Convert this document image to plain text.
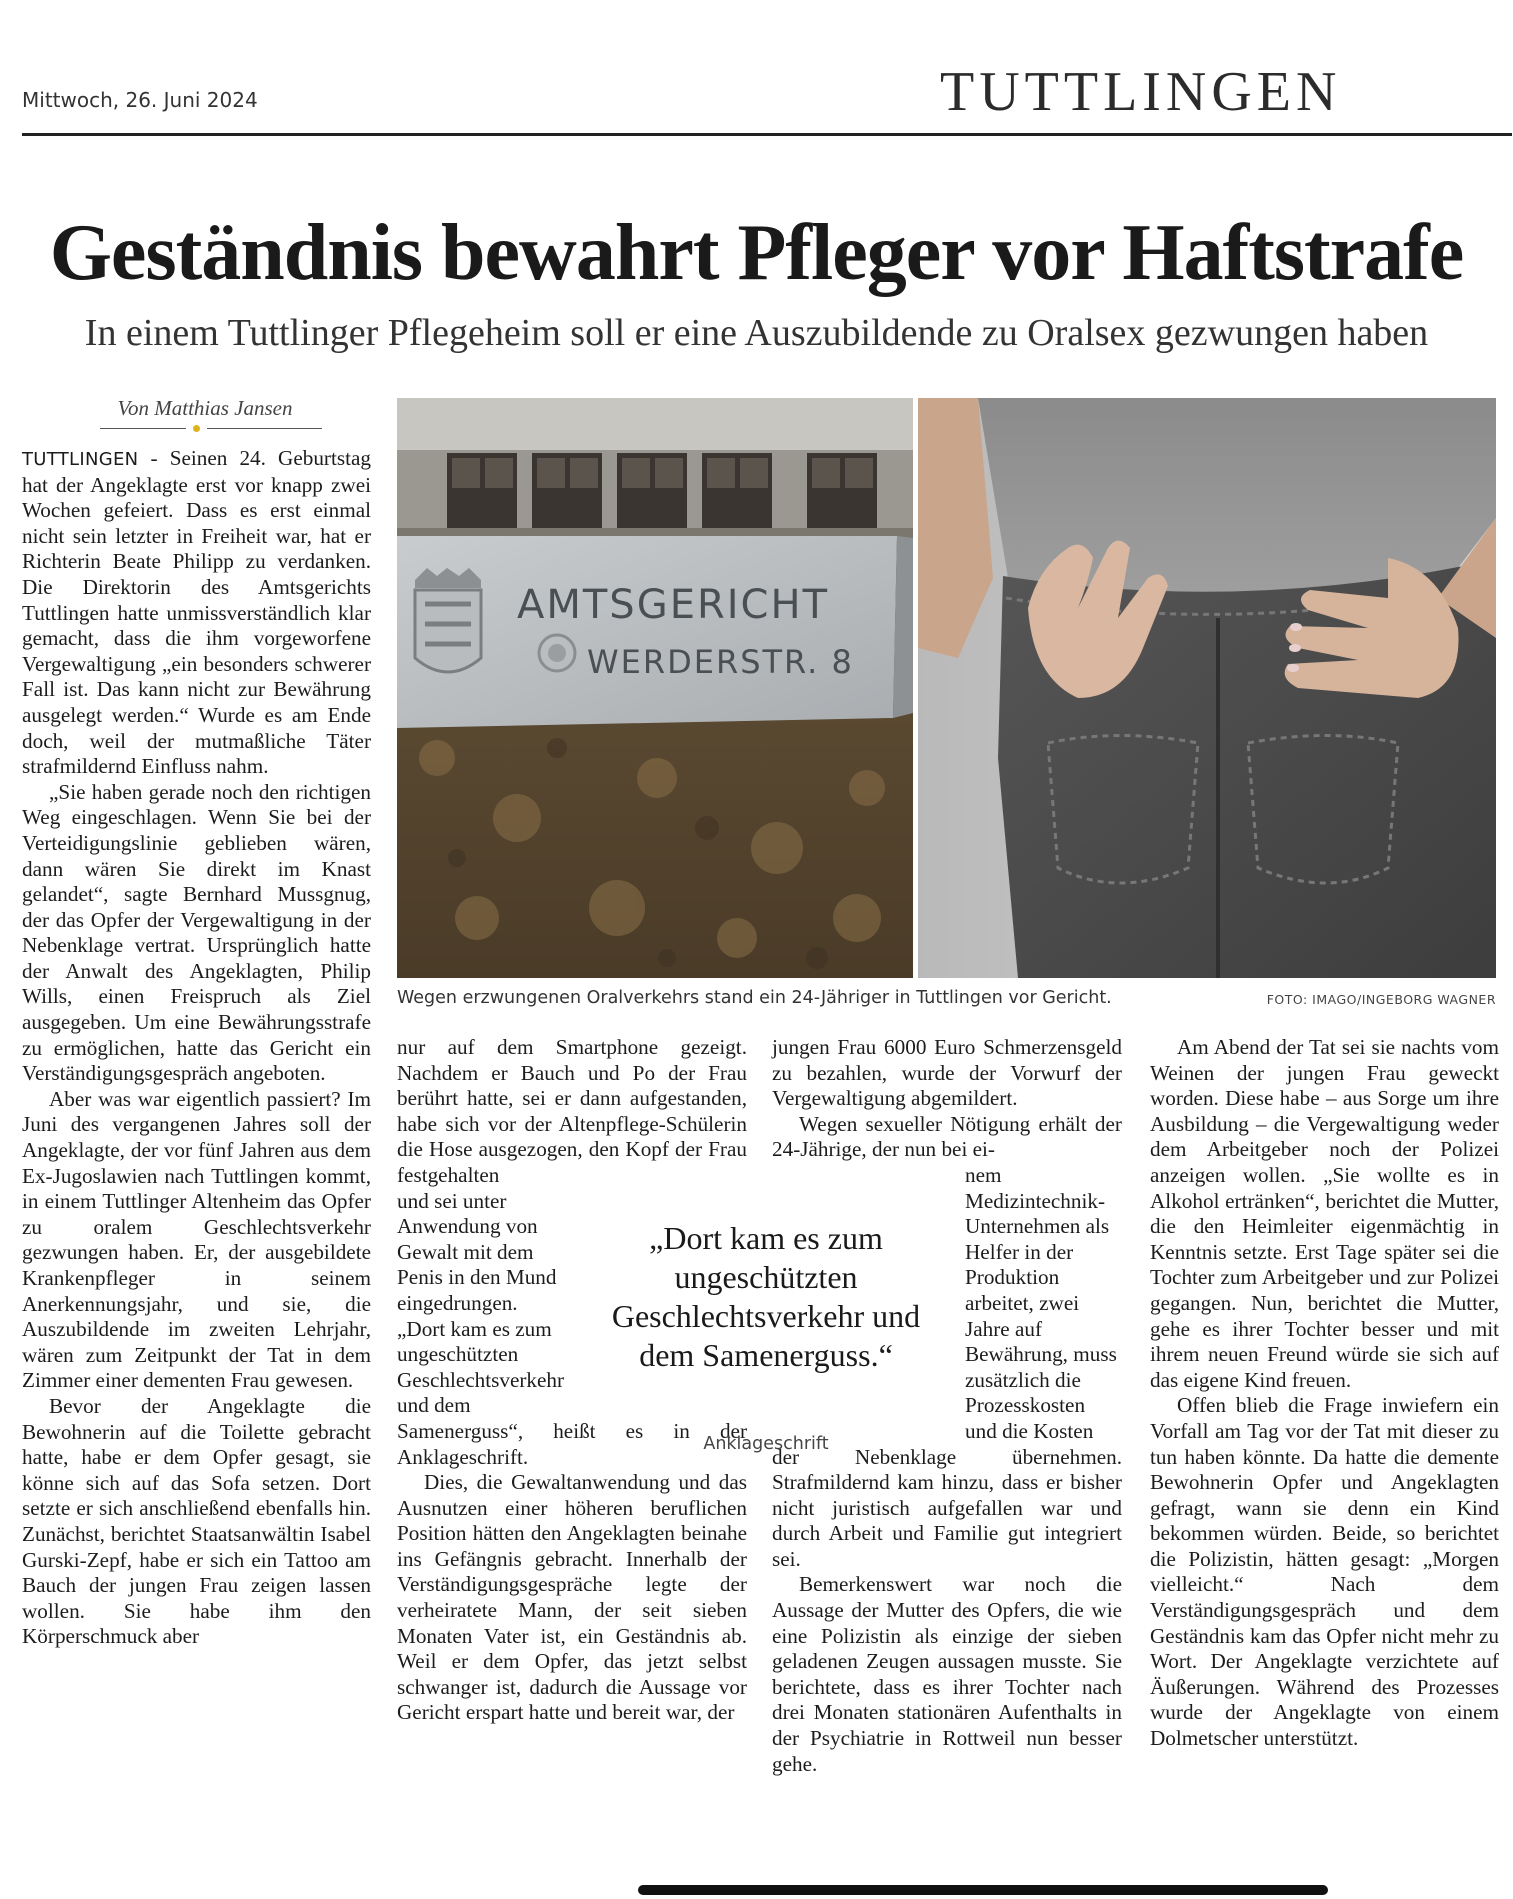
Mittwoch, 26. Juni 2024	TUTTLINGEN
Geständnis bewahrt Pfleger vor Haftstrafe
In einem Tuttlinger Pflegeheim soll er eine Auszubildende zu Oralsex gezwungen haben
Von Matthias Jansen

TUTTLINGEN - Seinen 24. Geburtstag hat der Angeklagte erst vor knapp zwei Wochen gefeiert. Dass es erst einmal nicht sein letzter in Freiheit war, hat er Richterin Beate Philipp zu verdanken. Die Direktorin des Amtsgerichts Tuttlingen hatte unmissverständlich klar gemacht, dass die ihm vorgeworfene Vergewaltigung „ein besonders schwerer Fall ist. Das kann nicht zur Bewährung ausgelegt werden.“ Wurde es am Ende doch, weil der mutmaßliche Täter strafmildernd Einfluss nahm.

„Sie haben gerade noch den richtigen Weg eingeschlagen. Wenn Sie bei der Verteidigungslinie geblieben wären, dann wären Sie direkt im Knast gelandet“, sagte Bernhard Mussgnug, der das Opfer der Vergewaltigung in der Nebenklage vertrat. Ursprünglich hatte der Anwalt des Angeklagten, Philip Wills, einen Freispruch als Ziel ausgegeben. Um eine Bewährungsstrafe zu ermöglichen, hatte das Gericht ein Verständigungsgespräch angeboten.

Aber was war eigentlich passiert? Im Juni des vergangenen Jahres soll der Angeklagte, der vor fünf Jahren aus dem Ex-Jugoslawien nach Tuttlingen kommt, in einem Tuttlinger Altenheim das Opfer zu oralem Geschlechtsverkehr gezwungen haben. Er, der ausgebildete Krankenpfleger in seinem Anerkennungsjahr, und sie, die Auszubildende im zweiten Lehrjahr, wären zum Zeitpunkt der Tat in dem Zimmer einer dementen Frau gewesen.

Bevor der Angeklagte die Bewohnerin auf die Toilette gebracht hatte, habe er dem Opfer gesagt, sie könne sich auf das Sofa setzen. Dort setzte er sich anschließend ebenfalls hin. Zunächst, berichtet Staatsanwältin Isabel Gurski-Zepf, habe er sich ein Tattoo am Bauch der jungen Frau zeigen lassen wollen. Sie habe ihm den Körperschmuck aber

AMTSGERICHT
WERDERSTR. 8
Wegen erzwungenen Oralverkehrs stand ein 24-Jähriger in Tuttlingen vor Gericht.	FOTO: IMAGO/INGEBORG WAGNER

nur auf dem Smartphone gezeigt. Nachdem er Bauch und Po der Frau berührt hatte, sei er dann aufgestanden, habe sich vor der Altenpflege-Schülerin die Hose ausgezogen, den Kopf der Frau festgehalten

und sei unter Anwendung von Gewalt mit dem Penis in den Mund eingedrungen. „Dort kam es zum ungeschützten Geschlechtsverkehr und dem

Samenerguss“, heißt es in der Anklageschrift.

Dies, die Gewaltanwendung und das Ausnutzen einer höheren beruflichen Position hätten den Angeklagten beinahe ins Gefängnis gebracht. Innerhalb der Verständigungsgespräche legte der verheiratete Mann, der seit sieben Monaten Vater ist, ein Geständnis ab. Weil er dem Opfer, das jetzt selbst schwanger ist, dadurch die Aussage vor Gericht erspart hatte und bereit war, der

jungen Frau 6000 Euro Schmerzensgeld zu bezahlen, wurde der Vorwurf der Vergewaltigung abgemildert.

Wegen sexueller Nötigung erhält der 24-Jährige, der nun bei ei-

nem Medizintechnik-Unternehmen als Helfer in der Produktion arbeitet, zwei Jahre auf Bewährung, muss zusätzlich die Prozesskosten und die Kosten

der Nebenklage übernehmen. Strafmildernd kam hinzu, dass er bisher nicht juristisch aufgefallen war und durch Arbeit und Familie gut integriert sei.

Bemerkenswert war noch die Aussage der Mutter des Opfers, die wie eine Polizistin als einzige der sieben geladenen Zeugen aussagen musste. Sie berichtete, dass es ihrer Tochter nach drei Monaten stationären Aufenthalts in der Psychiatrie in Rottweil nun besser gehe.

„Dort kam es zum ungeschützten Geschlechtsverkehr und dem Samenerguss.“
Anklageschrift

Am Abend der Tat sei sie nachts vom Weinen der jungen Frau geweckt worden. Diese habe – aus Sorge um ihre Ausbildung – die Vergewaltigung weder dem Arbeitgeber noch der Polizei anzeigen wollen. „Sie wollte es in Alkohol ertränken“, berichtet die Mutter, die den Heimleiter eigenmächtig in Kenntnis setzte. Erst Tage später sei die Tochter zum Arbeitgeber und zur Polizei gegangen. Nun, berichtet die Mutter, gehe es ihrer Tochter besser und mit ihrem neuen Freund würde sie sich auf das eigene Kind freuen.

Offen blieb die Frage inwiefern ein Vorfall am Tag vor der Tat mit dieser zu tun haben könnte. Da hatte die demente Bewohnerin Opfer und Angeklagten gefragt, wann sie denn ein Kind bekommen würden. Beide, so berichtet die Polizistin, hätten gesagt: „Morgen vielleicht.“ Nach dem Verständigungsgespräch und dem Geständnis kam das Opfer nicht mehr zu Wort. Der Angeklagte verzichtete auf Äußerungen. Während des Prozesses wurde der Angeklagte von einem Dolmetscher unterstützt.
